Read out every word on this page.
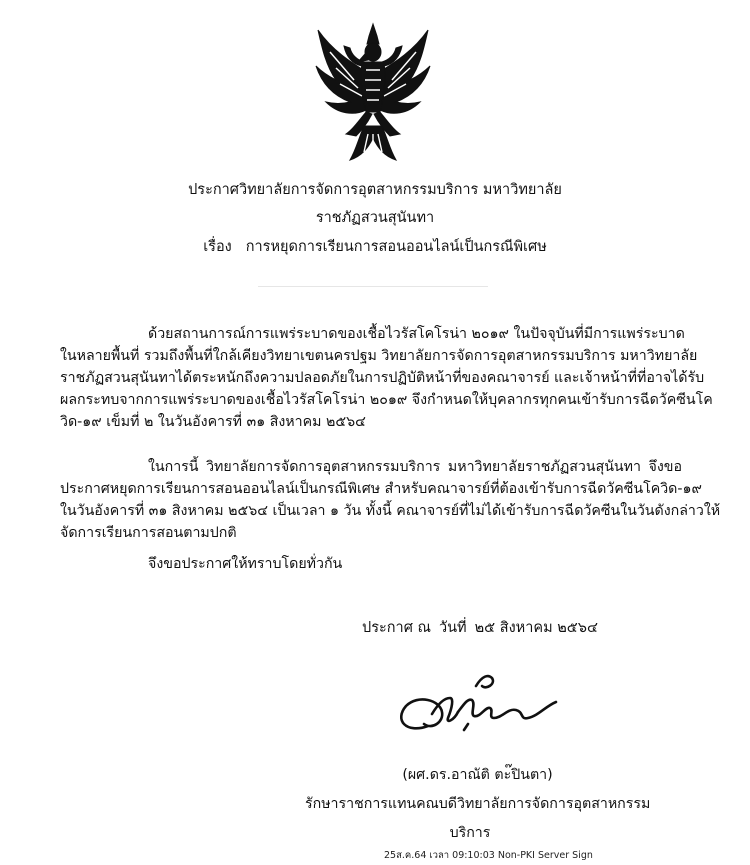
ประกาศวิทยาลัยการจัดการอุตสาหกรรมบริการ มหาวิทยาลัย
ราชภัฏสวนสุนันทา
เรื่อง การหยุดการเรียนการสอนออนไลน์เป็นกรณีพิเศษ
ด้วยสถานการณ์การแพร่ระบาดของเชื้อไวรัสโคโรน่า ๒๐๑๙ ในปัจจุบันที่มีการแพร่ระบาด
ในหลายพื้นที่ รวมถึงพื้นที่ใกล้เคียงวิทยาเขตนครปฐม วิทยาลัยการจัดการอุตสาหกรรมบริการ มหาวิทยาลัย
ราชภัฏสวนสุนันทาได้ตระหนักถึงความปลอดภัยในการปฏิบัติหน้าที่ของคณาจารย์ และเจ้าหน้าที่ที่อาจได้รับ
ผลกระทบจากการแพร่ระบาดของเชื้อไวรัสโคโรน่า ๒๐๑๙ จึงกำหนดให้บุคลากรทุกคนเข้ารับการฉีดวัคซีนโค
วิด-๑๙ เข็มที่ ๒ ในวันอังคารที่ ๓๑ สิงหาคม ๒๕๖๔
ในการนี้ วิทยาลัยการจัดการอุตสาหกรรมบริการ มหาวิทยาลัยราชภัฏสวนสุนันทา จึงขอ
ประกาศหยุดการเรียนการสอนออนไลน์เป็นกรณีพิเศษ สำหรับคณาจารย์ที่ต้องเข้ารับการฉีดวัคซีนโควิด-๑๙
ในวันอังคารที่ ๓๑ สิงหาคม ๒๕๖๔ เป็นเวลา ๑ วัน ทั้งนี้ คณาจารย์ที่ไม่ได้เข้ารับการฉีดวัคซีนในวันดังกล่าวให้
จัดการเรียนการสอนตามปกติ
จึงขอประกาศให้ทราบโดยทั่วกัน
ประกาศ ณ วันที่ ๒๕ สิงหาคม ๒๕๖๔
(ผศ.ดร.อาณัติ ตะ๊ปินตา)
รักษาราชการแทนคณบดีวิทยาลัยการจัดการอุตสาหกรรม
บริการ
25ส.ค.64 เวลา 09:10:03 Non-PKI Server Sign
